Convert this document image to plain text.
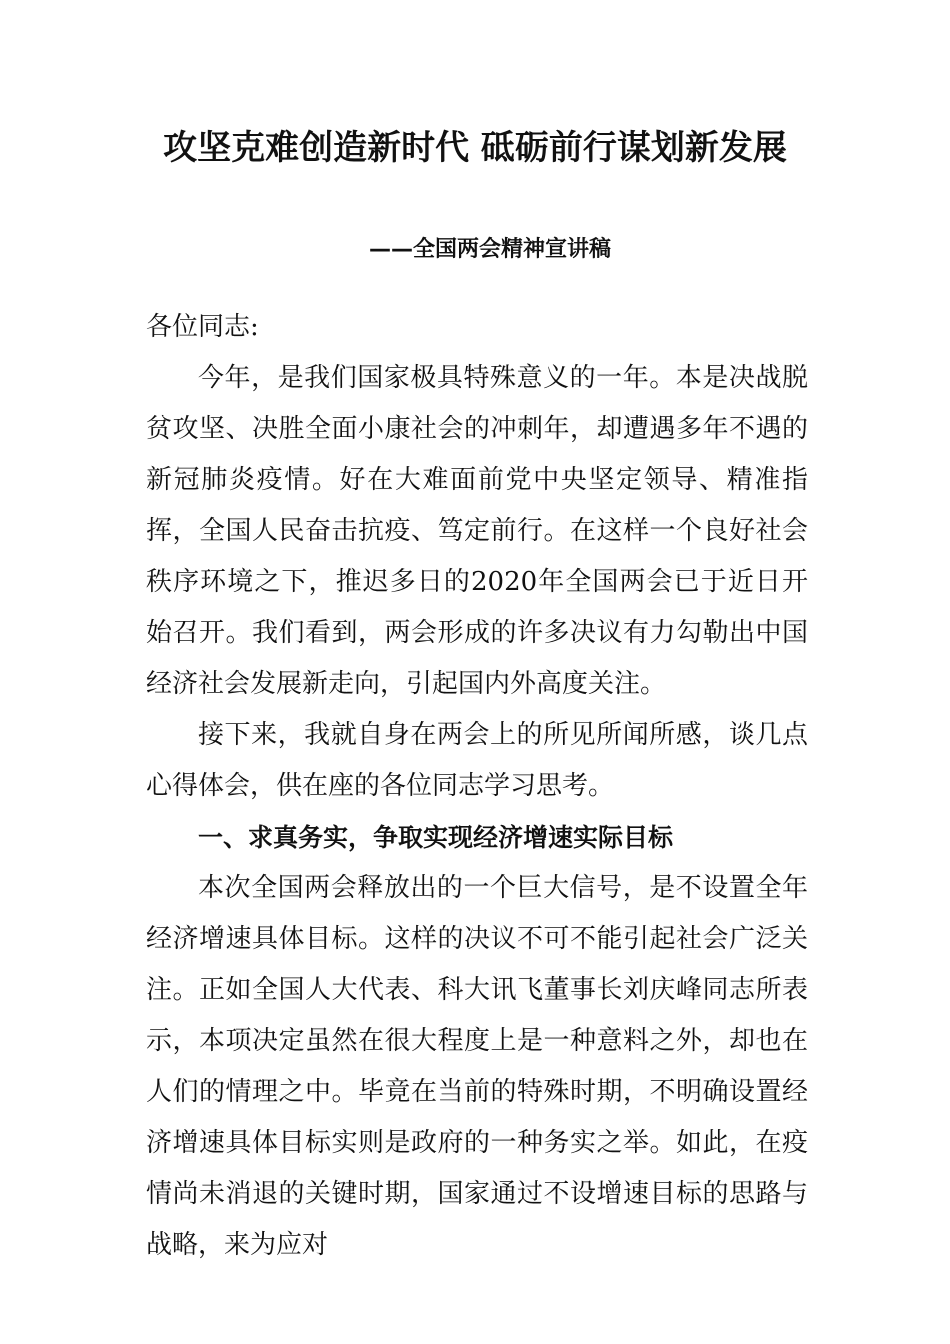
攻坚克难创造新时代 砥砺前行谋划新发展
——全国两会精神宣讲稿

各位同志:

今年，是我们国家极具特殊意义的一年。本是决战脱贫攻坚、决胜全面小康社会的冲刺年，却遭遇多年不遇的新冠肺炎疫情。好在大难面前党中央坚定领导、精准指挥，全国人民奋击抗疫、笃定前行。在这样一个良好社会秩序环境之下，推迟多日的2020年全国两会已于近日开始召开。我们看到，两会形成的许多决议有力勾勒出中国经济社会发展新走向，引起国内外高度关注。

接下来，我就自身在两会上的所见所闻所感，谈几点心得体会，供在座的各位同志学习思考。

一、求真务实，争取实现经济增速实际目标

本次全国两会释放出的一个巨大信号，是不设置全年经济增速具体目标。这样的决议不可不能引起社会广泛关注。正如全国人大代表、科大讯飞董事长刘庆峰同志所表示，本项决定虽然在很大程度上是一种意料之外，却也在人们的情理之中。毕竟在当前的特殊时期，不明确设置经济增速具体目标实则是政府的一种务实之举。如此，在疫情尚未消退的关键时期，国家通过不设增速目标的思路与战略，来为应对
